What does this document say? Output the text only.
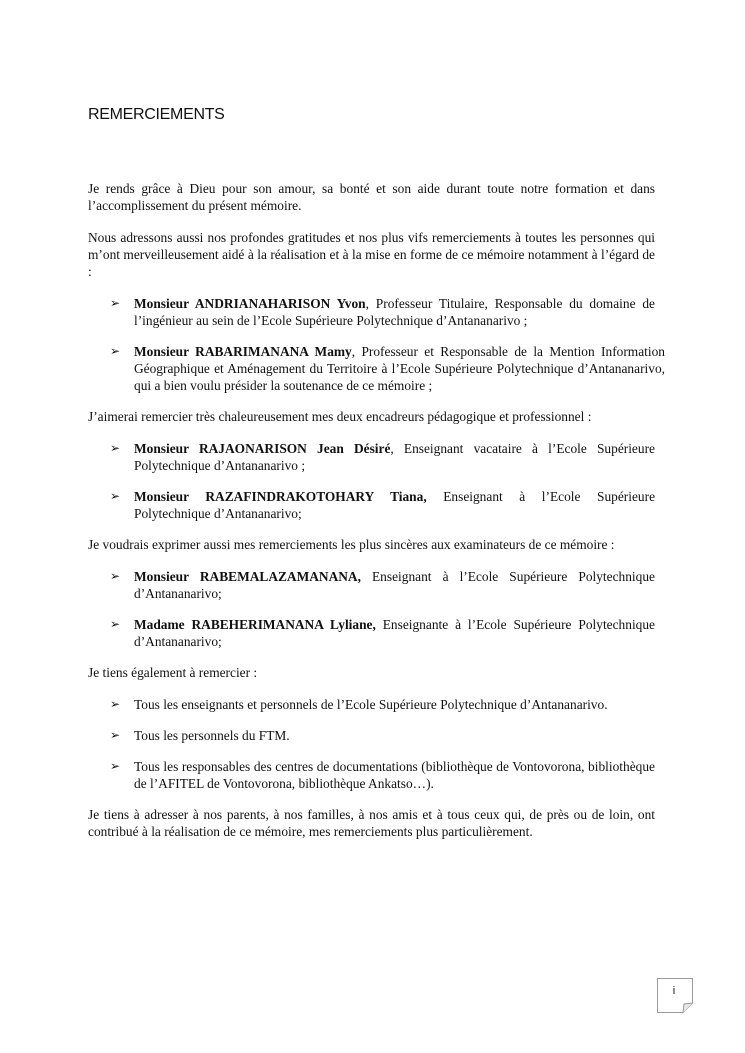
REMERCIEMENTS

Je rends grâce à Dieu pour son amour, sa bonté et son aide durant toute notre formation et dans l’accomplissement du présent mémoire.

Nous adressons aussi nos profondes gratitudes et nos plus vifs remerciements à toutes les personnes qui m’ont merveilleusement aidé à la réalisation et à la mise en forme de ce mémoire notamment à l’égard de :

➢ Monsieur ANDRIANAHARISON Yvon, Professeur Titulaire, Responsable du domaine de l’ingénieur au sein de l’Ecole Supérieure Polytechnique d’Antananarivo ;
➢ Monsieur RABARIMANANA Mamy, Professeur et Responsable de la Mention Information Géographique et Aménagement du Territoire à l’Ecole Supérieure Polytechnique d’Antananarivo, qui a bien voulu présider la soutenance de ce mémoire ;

J’aimerai remercier très chaleureusement mes deux encadreurs pédagogique et professionnel :

➢ Monsieur RAJAONARISON Jean Désiré, Enseignant vacataire à l’Ecole Supérieure Polytechnique d’Antananarivo ;
➢ Monsieur RAZAFINDRAKOTOHARY Tiana, Enseignant à l’Ecole Supérieure Polytechnique d’Antananarivo;

Je voudrais exprimer aussi mes remerciements les plus sincères aux examinateurs de ce mémoire :

➢ Monsieur RABEMALAZAMANANA, Enseignant à l’Ecole Supérieure Polytechnique d’Antananarivo;
➢ Madame RABEHERIMANANA Lyliane, Enseignante à l’Ecole Supérieure Polytechnique d’Antananarivo;

Je tiens également à remercier :

➢ Tous les enseignants et personnels de l’Ecole Supérieure Polytechnique d’Antananarivo.
➢ Tous les personnels du FTM.
➢ Tous les responsables des centres de documentations (bibliothèque de Vontovorona, bibliothèque de l’AFITEL de Vontovorona, bibliothèque Ankatso…).

Je tiens à adresser à nos parents, à nos familles, à nos amis et à tous ceux qui, de près ou de loin, ont contribué à la réalisation de ce mémoire, mes remerciements plus particulièrement.

i
